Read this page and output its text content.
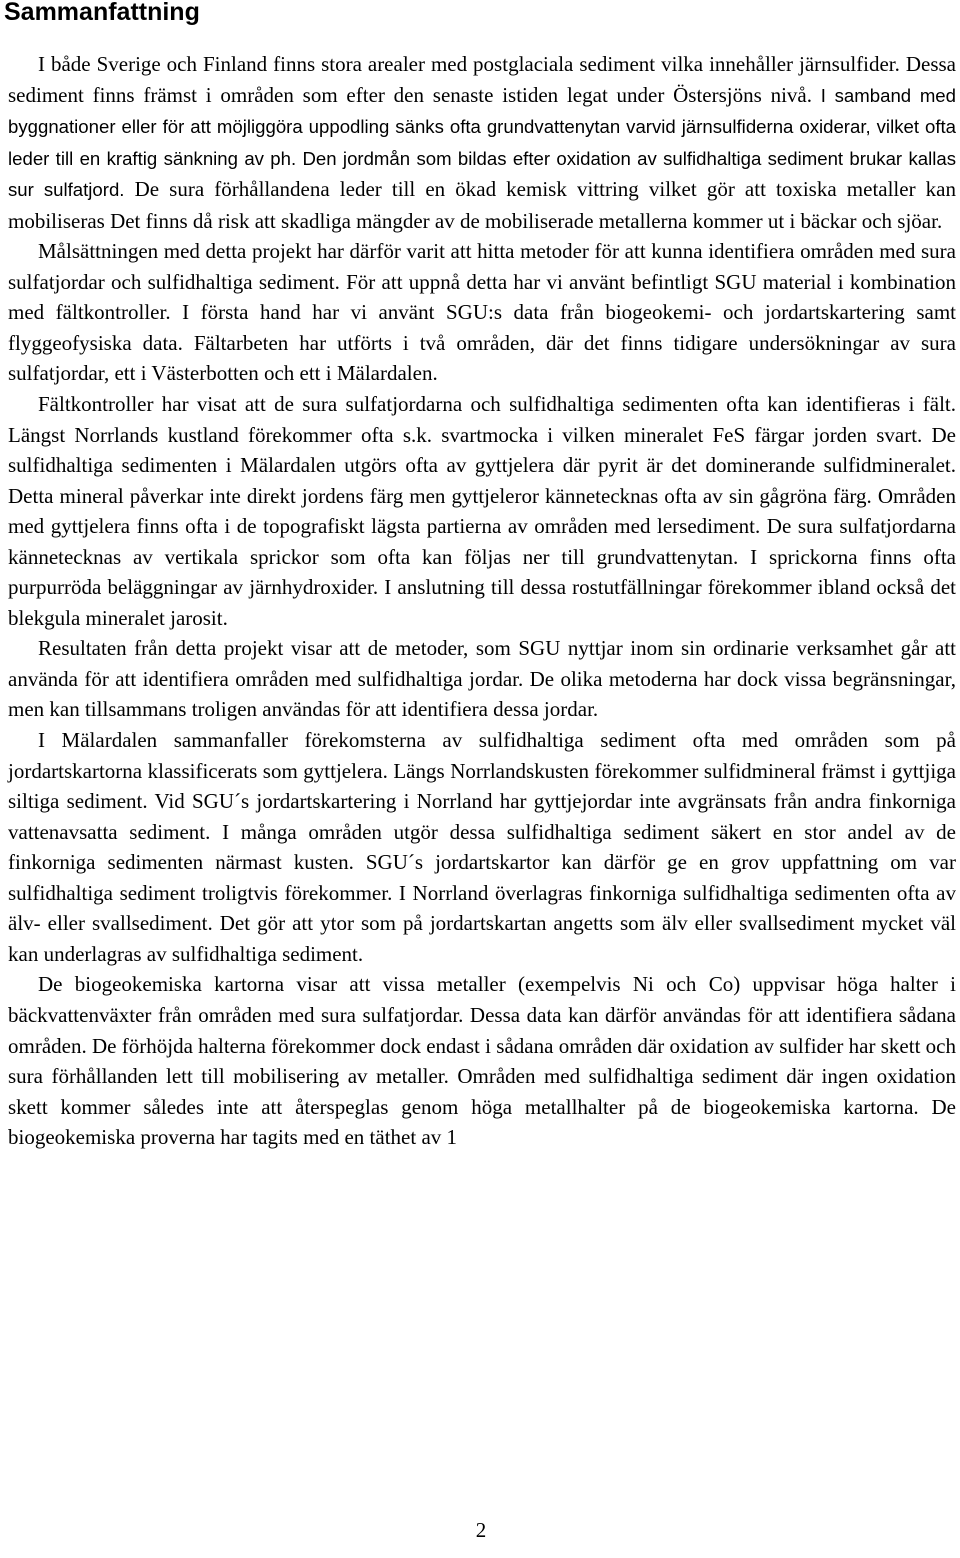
Sammanfattning

I både Sverige och Finland finns stora arealer med postglaciala sediment vilka innehåller järnsulfider. Dessa sediment finns främst i områden som efter den senaste istiden legat under Östersjöns nivå. I samband med byggnationer eller för att möjliggöra uppodling sänks ofta grundvattenytan varvid järnsulfiderna oxiderar, vilket ofta leder till en kraftig sänkning av ph. Den jordmån som bildas efter oxidation av sulfidhaltiga sediment brukar kallas sur sulfatjord. De sura förhållandena leder till en ökad kemisk vittring vilket gör att toxiska metaller kan mobiliseras Det finns då risk att skadliga mängder av de mobiliserade metallerna kommer ut i bäckar och sjöar.

Målsättningen med detta projekt har därför varit att hitta metoder för att kunna identifiera områden med sura sulfatjordar och sulfidhaltiga sediment. För att uppnå detta har vi använt befintligt SGU material i kombination med fältkontroller. I första hand har vi använt SGU:s data från biogeokemi- och jordartskartering samt flyggeofysiska data. Fältarbeten har utförts i två områden, där det finns tidigare undersökningar av sura sulfatjordar, ett i Västerbotten och ett i Mälardalen.

Fältkontroller har visat att de sura sulfatjordarna och sulfidhaltiga sedimenten ofta kan identifieras i fält. Längst Norrlands kustland förekommer ofta s.k. svartmocka i vilken mineralet FeS färgar jorden svart. De sulfidhaltiga sedimenten i Mälardalen utgörs ofta av gyttjelera där pyrit är det dominerande sulfidmineralet. Detta mineral påverkar inte direkt jordens färg men gyttjeleror kännetecknas ofta av sin gågröna färg. Områden med gyttjelera finns ofta i de topografiskt lägsta partierna av områden med lersediment. De sura sulfatjordarna kännetecknas av vertikala sprickor som ofta kan följas ner till grundvattenytan. I sprickorna finns ofta purpurröda beläggningar av järnhydroxider. I anslutning till dessa rostutfällningar förekommer ibland också det blekgula mineralet jarosit.

Resultaten från detta projekt visar att de metoder, som SGU nyttjar inom sin ordinarie verksamhet går att använda för att identifiera områden med sulfidhaltiga jordar. De olika metoderna har dock vissa begränsningar, men kan tillsammans troligen användas för att identifiera dessa jordar.

I Mälardalen sammanfaller förekomsterna av sulfidhaltiga sediment ofta med områden som på jordartskartorna klassificerats som gyttjelera. Längs Norrlandskusten förekommer sulfidmineral främst i gyttjiga siltiga sediment. Vid SGU´s jordartskartering i Norrland har gyttjejordar inte avgränsats från andra finkorniga vattenavsatta sediment. I många områden utgör dessa sulfidhaltiga sediment säkert en stor andel av de finkorniga sedimenten närmast kusten. SGU´s jordartskartor kan därför ge en grov uppfattning om var sulfidhaltiga sediment troligtvis förekommer. I Norrland överlagras finkorniga sulfidhaltiga sedimenten ofta av älv- eller svallsediment. Det gör att ytor som på jordartskartan angetts som älv eller svallsediment mycket väl kan underlagras av sulfidhaltiga sediment.

De biogeokemiska kartorna visar att vissa metaller (exempelvis Ni och Co) uppvisar höga halter i bäckvattenväxter från områden med sura sulfatjordar. Dessa data kan därför användas för att identifiera sådana områden. De förhöjda halterna förekommer dock endast i sådana områden där oxidation av sulfider har skett och sura förhållanden lett till mobilisering av metaller. Områden med sulfidhaltiga sediment där ingen oxidation skett kommer således inte att återspeglas genom höga metallhalter på de biogeokemiska kartorna. De biogeokemiska proverna har tagits med en täthet av 1

2
